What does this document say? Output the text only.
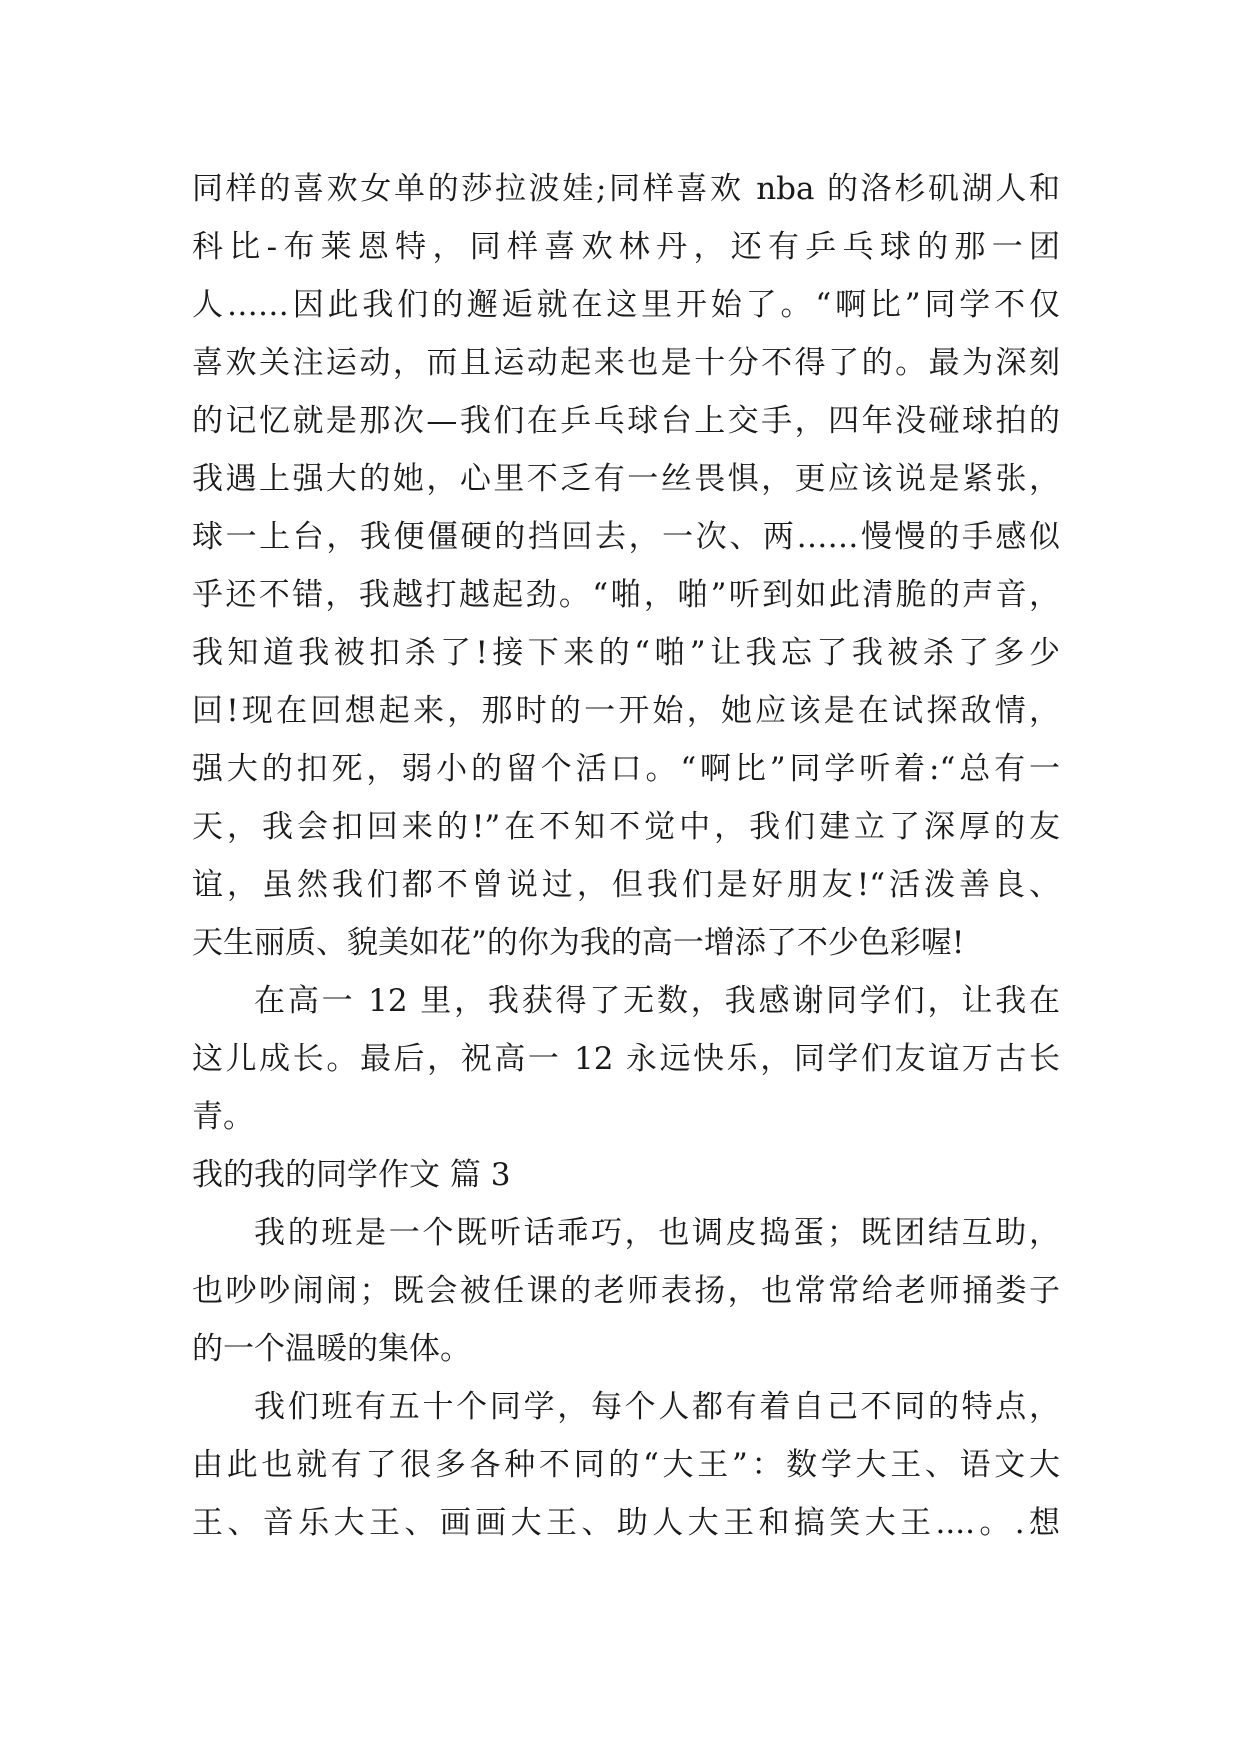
同样的喜欢女单的莎拉波娃;同样喜欢 nba 的洛杉矶湖人和
科比-布莱恩特，同样喜欢林丹，还有乒乓球的那一团
人……因此我们的邂逅就在这里开始了。“啊比”同学不仅
喜欢关注运动，而且运动起来也是十分不得了的。最为深刻
的记忆就是那次—我们在乒乓球台上交手，四年没碰球拍的
我遇上强大的她，心里不乏有一丝畏惧，更应该说是紧张，
球一上台，我便僵硬的挡回去，一次、两……慢慢的手感似
乎还不错，我越打越起劲。“啪，啪”听到如此清脆的声音，
我知道我被扣杀了!接下来的“啪”让我忘了我被杀了多少
回!现在回想起来，那时的一开始，她应该是在试探敌情，
强大的扣死，弱小的留个活口。“啊比”同学听着:“总有一
天，我会扣回来的!”在不知不觉中，我们建立了深厚的友
谊，虽然我们都不曾说过，但我们是好朋友!“活泼善良、
天生丽质、貌美如花”的你为我的高一增添了不少色彩喔!
在高一 12 里，我获得了无数，我感谢同学们，让我在
这儿成长。最后，祝高一 12 永远快乐，同学们友谊万古长
青。
我的我的同学作文 篇 3
我的班是一个既听话乖巧，也调皮捣蛋；既团结互助，
也吵吵闹闹；既会被任课的老师表扬，也常常给老师捅娄子
的一个温暖的集体。
我们班有五十个同学，每个人都有着自己不同的特点，
由此也就有了很多各种不同的“大王”：数学大王、语文大
王、音乐大王、画画大王、助人大王和搞笑大王....。.想
